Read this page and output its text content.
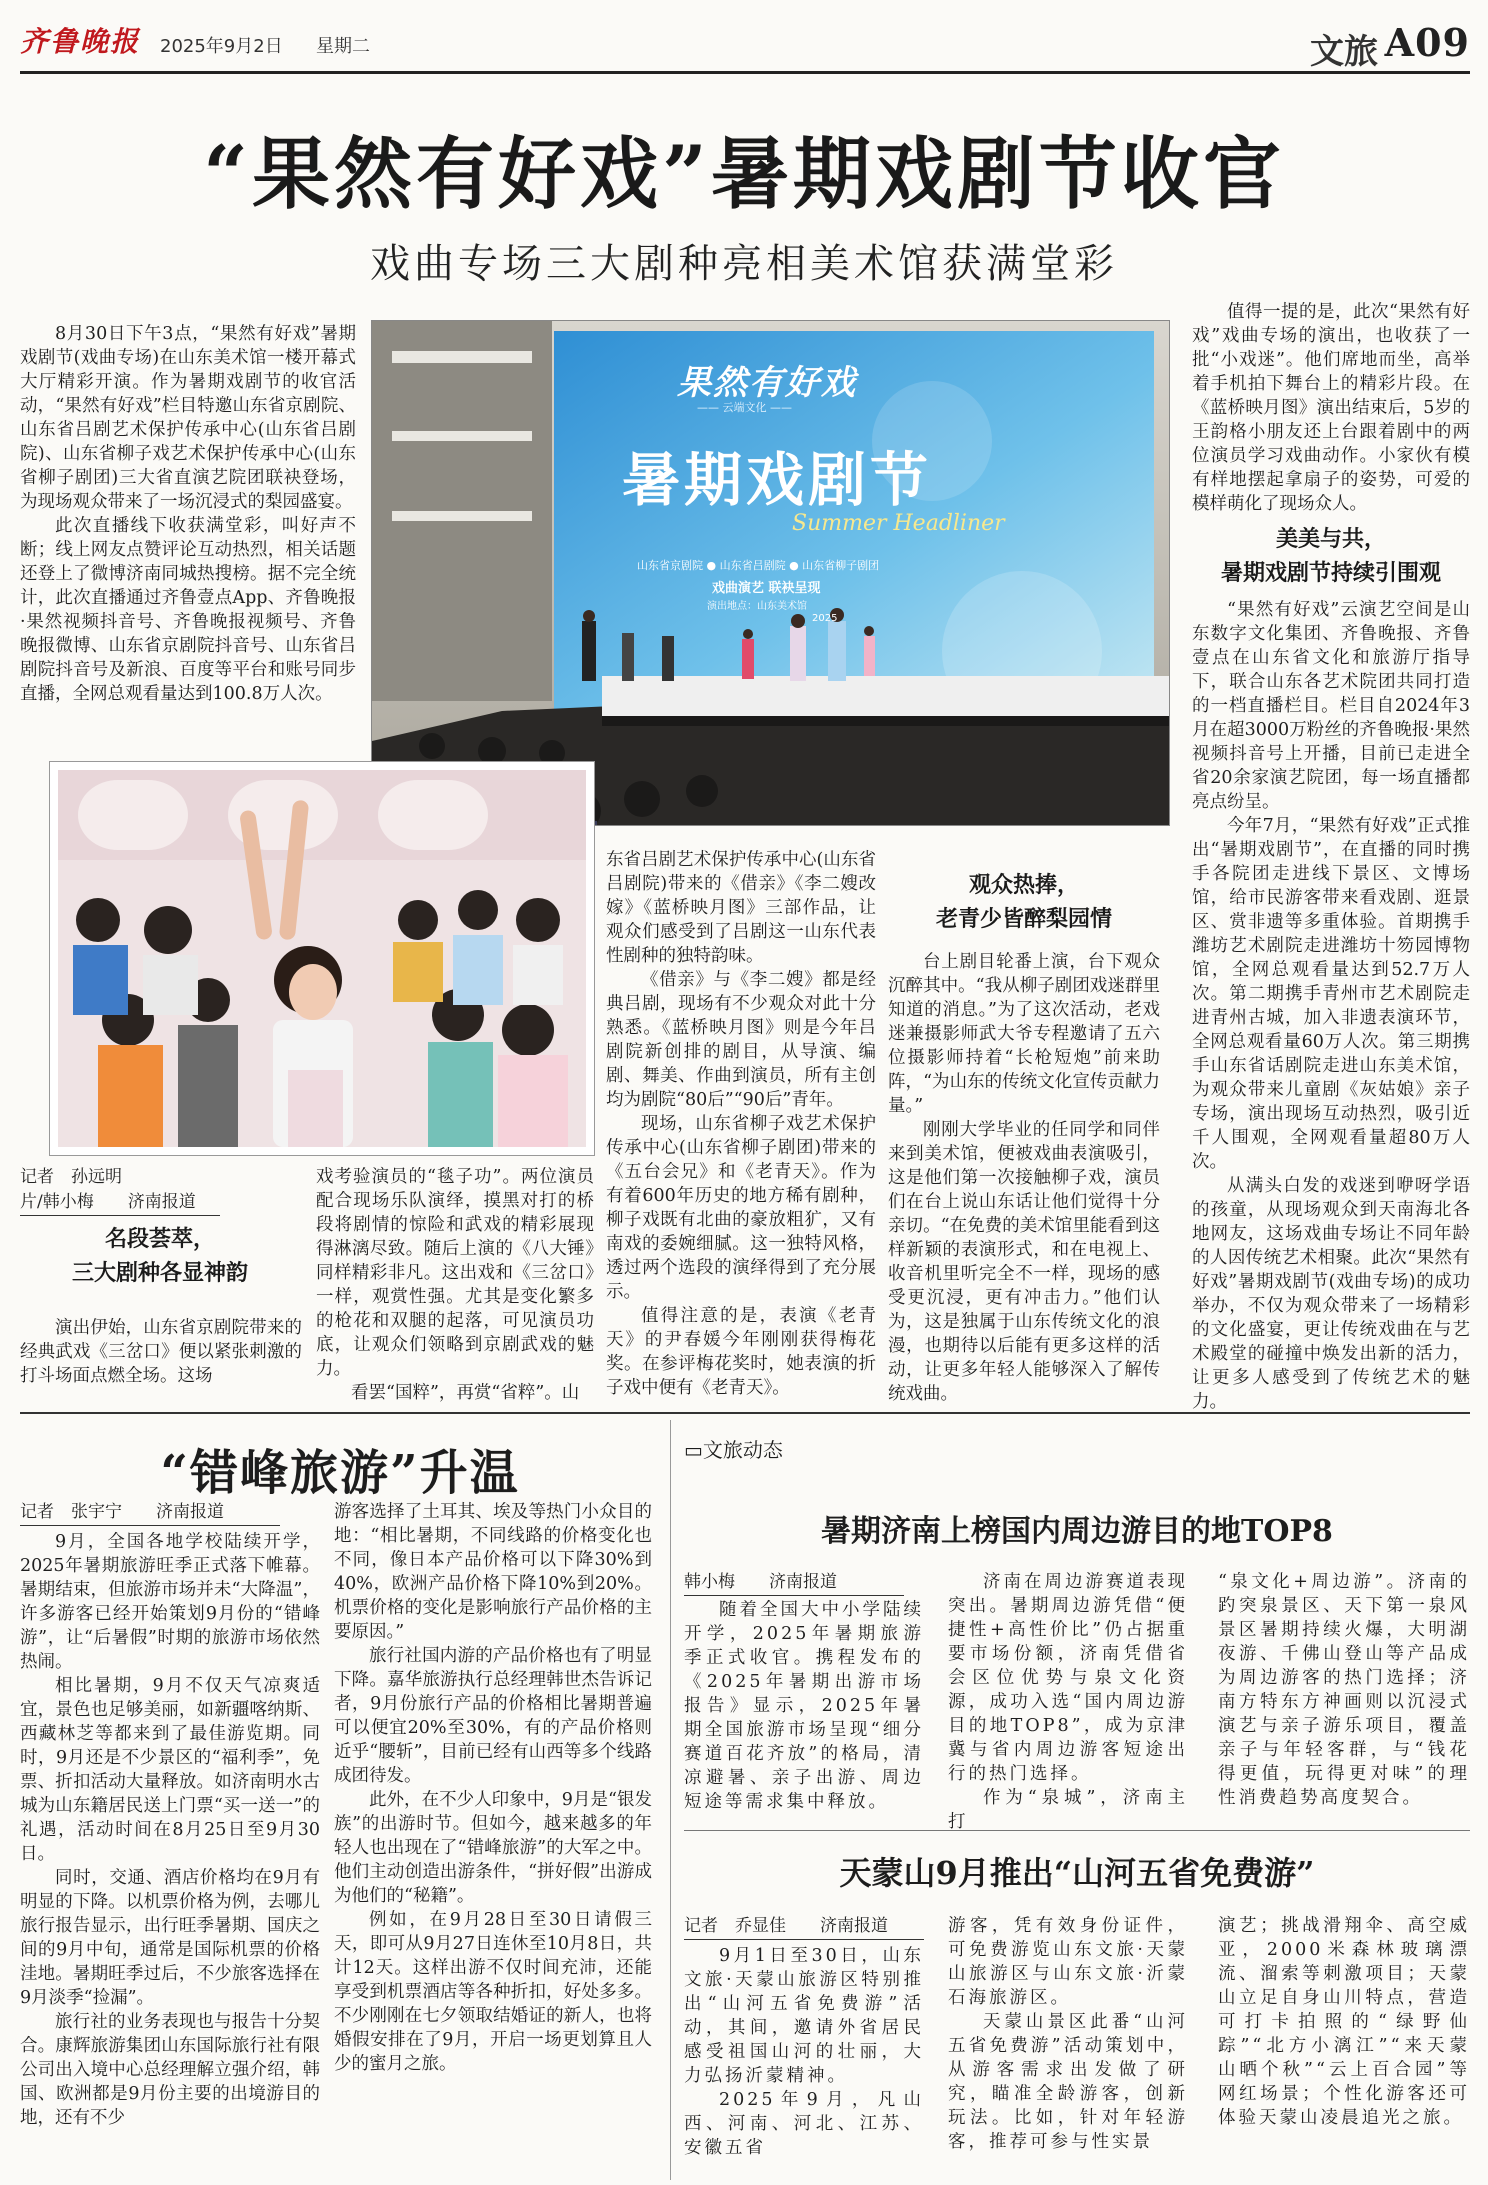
齐鲁晚报 2025年9月2日 星期二	文旅 A09
“果然有好戏”暑期戏剧节收官
戏曲专场三大剧种亮相美术馆获满堂彩

8月30日下午3点，“果然有好戏”暑期戏剧节(戏曲专场)在山东美术馆一楼开幕式大厅精彩开演。作为暑期戏剧节的收官活动，“果然有好戏”栏目特邀山东省京剧院、山东省吕剧艺术保护传承中心(山东省吕剧院)、山东省柳子戏艺术保护传承中心(山东省柳子剧团)三大省直演艺院团联袂登场，为现场观众带来了一场沉浸式的梨园盛宴。

此次直播线下收获满堂彩，叫好声不断；线上网友点赞评论互动热烈，相关话题还登上了微博济南同城热搜榜。据不完全统计，此次直播通过齐鲁壹点App、齐鲁晚报·果然视频抖音号、齐鲁晚报视频号、齐鲁晚报微博、山东省京剧院抖音号、山东省吕剧院抖音号及新浪、百度等平台和账号同步直播，全网总观看量达到100.8万人次。

果然有好戏
—— 云端文化 ——
暑期戏剧节
Summer Headliner
山东省京剧院 ● 山东省吕剧院 ● 山东省柳子剧团
戏曲演艺 联袂呈现
演出地点：山东美术馆
2025
记者　孙远明
片/韩小梅　　济南报道
名段荟萃，
三大剧种各显神韵

演出伊始，山东省京剧院带来的经典武戏《三岔口》便以紧张刺激的打斗场面点燃全场。这场

戏考验演员的“毯子功”。两位演员配合现场乐队演绎，摸黑对打的桥段将剧情的惊险和武戏的精彩展现得淋漓尽致。随后上演的《八大锤》同样精彩非凡。这出戏和《三岔口》一样，观赏性强。尤其是变化繁多的枪花和双腿的起落，可见演员功底，让观众们领略到京剧武戏的魅力。

看罢“国粹”，再赏“省粹”。山

东省吕剧艺术保护传承中心(山东省吕剧院)带来的《借亲》《李二嫂改嫁》《蓝桥映月图》三部作品，让观众们感受到了吕剧这一山东代表性剧种的独特韵味。

《借亲》与《李二嫂》都是经典吕剧，现场有不少观众对此十分熟悉。《蓝桥映月图》则是今年吕剧院新创排的剧目，从导演、编剧、舞美、作曲到演员，所有主创均为剧院“80后”“90后”青年。

现场，山东省柳子戏艺术保护传承中心(山东省柳子剧团)带来的《五台会兄》和《老青天》。作为有着600年历史的地方稀有剧种，柳子戏既有北曲的豪放粗犷，又有南戏的委婉细腻。这一独特风格，透过两个选段的演绎得到了充分展示。

值得注意的是，表演《老青天》的尹春媛今年刚刚获得梅花奖。在参评梅花奖时，她表演的折子戏中便有《老青天》。

观众热捧，
老青少皆醉梨园情

台上剧目轮番上演，台下观众沉醉其中。“我从柳子剧团戏迷群里知道的消息。”为了这次活动，老戏迷兼摄影师武大爷专程邀请了五六位摄影师持着“长枪短炮”前来助阵，“为山东的传统文化宣传贡献力量。”

刚刚大学毕业的任同学和同伴来到美术馆，便被戏曲表演吸引，这是他们第一次接触柳子戏，演员们在台上说山东话让他们觉得十分亲切。“在免费的美术馆里能看到这样新颖的表演形式，和在电视上、收音机里听完全不一样，现场的感受更沉浸，更有冲击力。”他们认为，这是独属于山东传统文化的浪漫，也期待以后能有更多这样的活动，让更多年轻人能够深入了解传统戏曲。

值得一提的是，此次“果然有好戏”戏曲专场的演出，也收获了一批“小戏迷”。他们席地而坐，高举着手机拍下舞台上的精彩片段。在《蓝桥映月图》演出结束后，5岁的王韵格小朋友还上台跟着剧中的两位演员学习戏曲动作。小家伙有模有样地摆起拿扇子的姿势，可爱的模样萌化了现场众人。

美美与共，
暑期戏剧节持续引围观

“果然有好戏”云演艺空间是山东数字文化集团、齐鲁晚报、齐鲁壹点在山东省文化和旅游厅指导下，联合山东各艺术院团共同打造的一档直播栏目。栏目自2024年3月在超3000万粉丝的齐鲁晚报·果然视频抖音号上开播，目前已走进全省20余家演艺院团，每一场直播都亮点纷呈。

今年7月，“果然有好戏”正式推出“暑期戏剧节”，在直播的同时携手各院团走进线下景区、文博场馆，给市民游客带来看戏剧、逛景区、赏非遗等多重体验。首期携手潍坊艺术剧院走进潍坊十笏园博物馆，全网总观看量达到52.7万人次。第二期携手青州市艺术剧院走进青州古城，加入非遗表演环节，全网总观看量60万人次。第三期携手山东省话剧院走进山东美术馆，为观众带来儿童剧《灰姑娘》亲子专场，演出现场互动热烈，吸引近千人围观，全网观看量超80万人次。

从满头白发的戏迷到咿呀学语的孩童，从现场观众到天南海北各地网友，这场戏曲专场让不同年龄的人因传统艺术相聚。此次“果然有好戏”暑期戏剧节(戏曲专场)的成功举办，不仅为观众带来了一场精彩的文化盛宴，更让传统戏曲在与艺术殿堂的碰撞中焕发出新的活力，让更多人感受到了传统艺术的魅力。

“错峰旅游”升温
记者　张宇宁　　济南报道

9月，全国各地学校陆续开学，2025年暑期旅游旺季正式落下帷幕。暑期结束，但旅游市场并未“大降温”，许多游客已经开始策划9月份的“错峰游”，让“后暑假”时期的旅游市场依然热闹。

相比暑期，9月不仅天气凉爽适宜，景色也足够美丽，如新疆喀纳斯、西藏林芝等都来到了最佳游览期。同时，9月还是不少景区的“福利季”，免票、折扣活动大量释放。如济南明水古城为山东籍居民送上门票“买一送一”的礼遇，活动时间在8月25日至9月30日。

同时，交通、酒店价格均在9月有明显的下降。以机票价格为例，去哪儿旅行报告显示，出行旺季暑期、国庆之间的9月中旬，通常是国际机票的价格洼地。暑期旺季过后，不少旅客选择在9月淡季“捡漏”。

旅行社的业务表现也与报告十分契合。康辉旅游集团山东国际旅行社有限公司出入境中心总经理解立强介绍，韩国、欧洲都是9月份主要的出境游目的地，还有不少

游客选择了土耳其、埃及等热门小众目的地：“相比暑期，不同线路的价格变化也不同，像日本产品价格可以下降30%到40%，欧洲产品价格下降10%到20%。机票价格的变化是影响旅行产品价格的主要原因。”

旅行社国内游的产品价格也有了明显下降。嘉华旅游执行总经理韩世杰告诉记者，9月份旅行产品的价格相比暑期普遍可以便宜20%至30%，有的产品价格则近乎“腰斩”，目前已经有山西等多个线路成团待发。

此外，在不少人印象中，9月是“银发族”的出游时节。但如今，越来越多的年轻人也出现在了“错峰旅游”的大军之中。他们主动创造出游条件，“拼好假”出游成为他们的“秘籍”。

例如，在9月28日至30日请假三天，即可从9月27日连休至10月8日，共计12天。这样出游不仅时间充沛，还能享受到机票酒店等各种折扣，好处多多。不少刚刚在七夕领取结婚证的新人，也将婚假安排在了9月，开启一场更划算且人少的蜜月之旅。

▭文旅动态
暑期济南上榜国内周边游目的地TOP8
韩小梅　　济南报道

随着全国大中小学陆续开学，2025年暑期旅游季正式收官。携程发布的《2025年暑期出游市场报告》显示，2025年暑期全国旅游市场呈现“细分赛道百花齐放”的格局，清凉避暑、亲子出游、周边短途等需求集中释放。

济南在周边游赛道表现突出。暑期周边游凭借“便捷性+高性价比”仍占据重要市场份额，济南凭借省会区位优势与泉文化资源，成功入选“国内周边游目的地TOP8”，成为京津冀与省内周边游客短途出行的热门选择。

作为“泉城”，济南主打

“泉文化+周边游”。济南的趵突泉景区、天下第一泉风景区暑期持续火爆，大明湖夜游、千佛山登山等产品成为周边游客的热门选择；济南方特东方神画则以沉浸式演艺与亲子游乐项目，覆盖亲子与年轻客群，与“钱花得更值，玩得更对味”的理性消费趋势高度契合。

天蒙山9月推出“山河五省免费游”
记者　乔显佳　　济南报道

9月1日至30日，山东文旅·天蒙山旅游区特别推出“山河五省免费游”活动，其间，邀请外省居民感受祖国山河的壮丽，大力弘扬沂蒙精神。

2025年9月，凡山西、河南、河北、江苏、安徽五省

游客，凭有效身份证件，可免费游览山东文旅·天蒙山旅游区与山东文旅·沂蒙石海旅游区。

天蒙山景区此番“山河五省免费游”活动策划中，从游客需求出发做了研究，瞄准全龄游客，创新玩法。比如，针对年轻游客，推荐可参与性实景

演艺；挑战滑翔伞、高空威亚，2000米森林玻璃漂流、溜索等刺激项目；天蒙山立足自身山川特点，营造可打卡拍照的“绿野仙踪”“北方小漓江”“来天蒙山晒个秋”“云上百合园”等网红场景；个性化游客还可体验天蒙山凌晨追光之旅。
